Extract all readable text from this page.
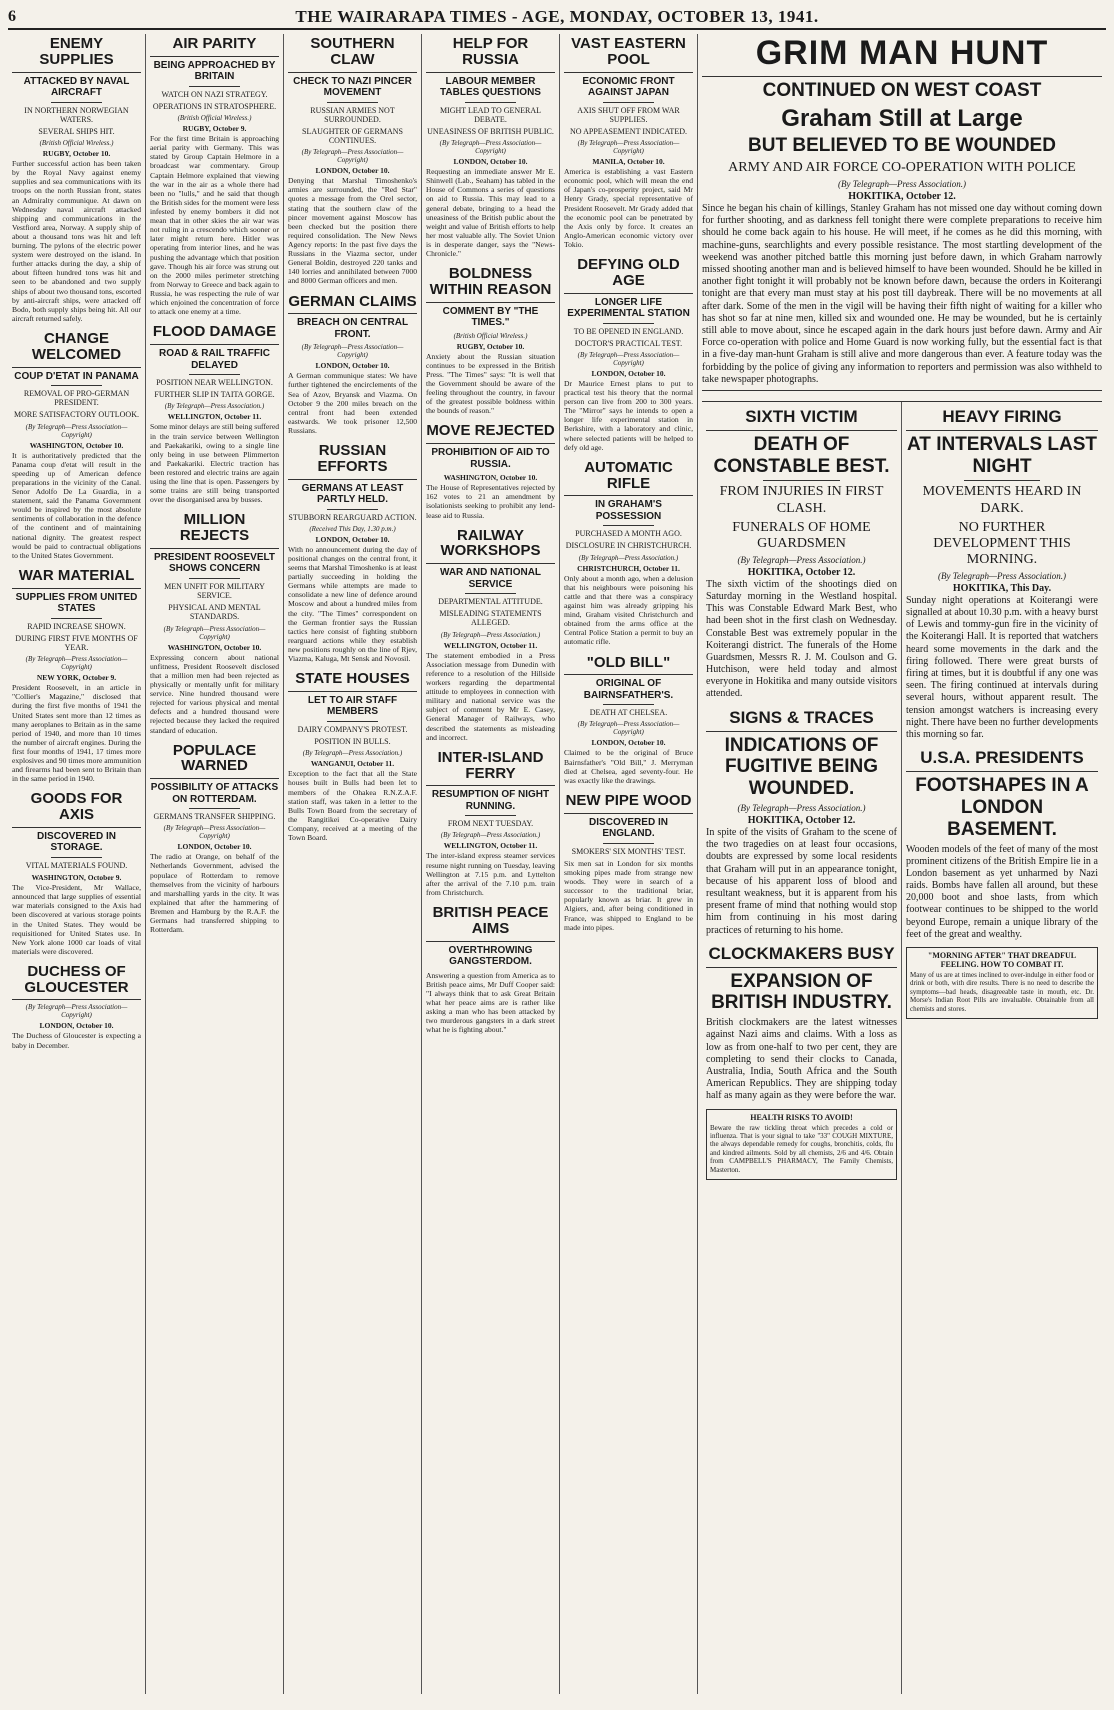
6	THE WAIRARAPA TIMES - AGE, MONDAY, OCTOBER 13, 1941.
ENEMY SUPPLIES
ATTACKED BY NAVAL AIRCRAFT
IN NORTHERN NORWEGIAN WATERS.
SEVERAL SHIPS HIT.
(British Official Wireless.)
RUGBY, October 10.

Further successful action has been taken by the Royal Navy against enemy supplies and sea communications with its troops on the north Russian front, states an Admiralty communique. At dawn on Wednesday naval aircraft attacked shipping and communications in the Vestfiord area, Norway. A supply ship of about a thousand tons was hit and left burning. The pylons of the electric power system were destroyed on the island. In further attacks during the day, a ship of about fifteen hundred tons was hit and seen to be abandoned and two supply ships of about two thousand tons, escorted by anti-aircraft ships, were attacked off Bodo, both supply ships being hit. All our aircraft returned safely.

CHANGE WELCOMED
COUP D'ETAT IN PANAMA
REMOVAL OF PRO-GERMAN PRESIDENT.
MORE SATISFACTORY OUTLOOK.
(By Telegraph—Press Association—Copyright)
WASHINGTON, October 10.

It is authoritatively predicted that the Panama coup d'etat will result in the speeding up of American defence preparations in the vicinity of the Canal. Senor Adolfo De La Guardia, in a statement, said the Panama Government would be inspired by the most absolute sentiments of collaboration in the defence of the continent and of maintaining national dignity. The greatest respect would be paid to contractual obligations to the United States Government.

WAR MATERIAL
SUPPLIES FROM UNITED STATES
RAPID INCREASE SHOWN.
DURING FIRST FIVE MONTHS OF YEAR.
(By Telegraph—Press Association—Copyright)
NEW YORK, October 9.

President Roosevelt, in an article in "Collier's Magazine," disclosed that during the first five months of 1941 the United States sent more than 12 times as many aeroplanes to Britain as in the same period of 1940, and more than 10 times the number of aircraft engines. During the first four months of 1941, 17 times more explosives and 90 times more ammunition and firearms had been sent to Britain than in the same period in 1940.

GOODS FOR AXIS
DISCOVERED IN STORAGE.
VITAL MATERIALS FOUND.
WASHINGTON, October 9.

The Vice-President, Mr Wallace, announced that large supplies of essential war materials consigned to the Axis had been discovered at various storage points in the United States. They would be requisitioned for United States use. In New York alone 1000 car loads of vital materials were discovered.

DUCHESS OF GLOUCESTER
(By Telegraph—Press Association—Copyright)
LONDON, October 10.

The Duchess of Gloucester is expecting a baby in December.

AIR PARITY
BEING APPROACHED BY BRITAIN
WATCH ON NAZI STRATEGY.
OPERATIONS IN STRATOSPHERE.
(British Official Wireless.)
RUGBY, October 9.

For the first time Britain is approaching aerial parity with Germany. This was stated by Group Captain Helmore in a broadcast war commentary. Group Captain Helmore explained that viewing the war in the air as a whole there had been no "lulls," and he said that though the British sides for the moment were less infested by enemy bombers it did not mean that in other skies the air war was not ruling in a crescendo which sooner or later might return here. Hitler was operating from interior lines, and he was pushing the advantage which that position gave. Though his air force was strung out on the 2000 miles perimeter stretching from Norway to Greece and back again to Russia, he was respecting the rule of war which enjoined the concentration of force to attack one enemy at a time.

FLOOD DAMAGE
ROAD & RAIL TRAFFIC DELAYED
POSITION NEAR WELLINGTON.
FURTHER SLIP IN TAITA GORGE.
(By Telegraph—Press Association.)
WELLINGTON, October 11.

Some minor delays are still being suffered in the train service between Wellington and Paekakariki, owing to a single line only being in use between Plimmerton and Paekakariki. Electric traction has been restored and electric trains are again using the line that is open. Passengers by some trains are still being transported over the disorganised area by busses.

MILLION REJECTS
PRESIDENT ROOSEVELT SHOWS CONCERN
MEN UNFIT FOR MILITARY SERVICE.
PHYSICAL AND MENTAL STANDARDS.
(By Telegraph—Press Association—Copyright)
WASHINGTON, October 10.

Expressing concern about national unfitness, President Roosevelt disclosed that a million men had been rejected as physically or mentally unfit for military service. Nine hundred thousand were rejected for various physical and mental defects and a hundred thousand were rejected because they lacked the required standard of education.

POPULACE WARNED
POSSIBILITY OF ATTACKS ON ROTTERDAM.
GERMANS TRANSFER SHIPPING.
(By Telegraph—Press Association—Copyright)
LONDON, October 10.

The radio at Orange, on behalf of the Netherlands Government, advised the populace of Rotterdam to remove themselves from the vicinity of harbours and marshalling yards in the city. It was explained that after the hammering of Bremen and Hamburg by the R.A.F. the Germans had transferred shipping to Rotterdam.

SOUTHERN CLAW
CHECK TO NAZI PINCER MOVEMENT
RUSSIAN ARMIES NOT SURROUNDED.
SLAUGHTER OF GERMANS CONTINUES.
(By Telegraph—Press Association—Copyright)
LONDON, October 10.

Denying that Marshal Timoshenko's armies are surrounded, the "Red Star" quotes a message from the Orel sector, stating that the southern claw of the pincer movement against Moscow has been checked but the position there required consolidation. The New News Agency reports: In the past five days the Russians in the Viazma sector, under General Boldin, destroyed 220 tanks and 140 lorries and annihilated between 7000 and 8000 German officers and men.

GERMAN CLAIMS
BREACH ON CENTRAL FRONT.
(By Telegraph—Press Association—Copyright)
LONDON, October 10.

A German communique states: We have further tightened the encirclements of the Sea of Azov, Bryansk and Viazma. On October 9 the 200 miles breach on the central front had been extended eastwards. We took prisoner 12,500 Russians.

RUSSIAN EFFORTS
GERMANS AT LEAST PARTLY HELD.
STUBBORN REARGUARD ACTION.
(Received This Day, 1.30 p.m.)
LONDON, October 10.

With no announcement during the day of positional changes on the central front, it seems that Marshal Timoshenko is at least partially succeeding in holding the Germans while attempts are made to consolidate a new line of defence around Moscow and about a hundred miles from the city. "The Times" correspondent on the German frontier says the Russian tactics here consist of fighting stubborn rearguard actions while they establish new positions roughly on the line of Rjev, Viazma, Kaluga, Mt Sensk and Novosil.

STATE HOUSES
LET TO AIR STAFF MEMBERS
DAIRY COMPANY'S PROTEST.
POSITION IN BULLS.
(By Telegraph—Press Association.)
WANGANUI, October 11.

Exception to the fact that all the State houses built in Bulls had been let to members of the Ohakea R.N.Z.A.F. station staff, was taken in a letter to the Bulls Town Board from the secretary of the Rangitikei Co-operative Dairy Company, received at a meeting of the Town Board.

HELP FOR RUSSIA
LABOUR MEMBER TABLES QUESTIONS
MIGHT LEAD TO GENERAL DEBATE.
UNEASINESS OF BRITISH PUBLIC.
(By Telegraph—Press Association—Copyright)
LONDON, October 10.

Requesting an immediate answer Mr E. Shinwell (Lab., Seaham) has tabled in the House of Commons a series of questions on aid to Russia. This may lead to a general debate, bringing to a head the uneasiness of the British public about the weight and value of British efforts to help her most valuable ally. The Soviet Union is in desperate danger, says the "News-Chronicle."

BOLDNESS WITHIN REASON
COMMENT BY "THE TIMES."
(British Official Wireless.)
RUGBY, October 10.

Anxiety about the Russian situation continues to be expressed in the British Press. "The Times" says: "It is well that the Government should be aware of the feeling throughout the country, in favour of the greatest possible boldness within the bounds of reason."

MOVE REJECTED
PROHIBITION OF AID TO RUSSIA.
WASHINGTON, October 10.

The House of Representatives rejected by 162 votes to 21 an amendment by isolationists seeking to prohibit any lend-lease aid to Russia.

RAILWAY WORKSHOPS
WAR AND NATIONAL SERVICE
DEPARTMENTAL ATTITUDE.
MISLEADING STATEMENTS ALLEGED.
(By Telegraph—Press Association.)
WELLINGTON, October 11.

The statement embodied in a Press Association message from Dunedin with reference to a resolution of the Hillside workers regarding the departmental attitude to employees in connection with military and national service was the subject of comment by Mr E. Casey, General Manager of Railways, who described the statements as misleading and incorrect.

INTER-ISLAND FERRY
RESUMPTION OF NIGHT RUNNING.
FROM NEXT TUESDAY.
(By Telegraph—Press Association.)
WELLINGTON, October 11.

The inter-island express steamer services resume night running on Tuesday, leaving Wellington at 7.15 p.m. and Lyttelton after the arrival of the 7.10 p.m. train from Christchurch.

BRITISH PEACE AIMS
OVERTHROWING GANGSTERDOM.

Answering a question from America as to British peace aims, Mr Duff Cooper said: "I always think that to ask Great Britain what her peace aims are is rather like asking a man who has been attacked by two murderous gangsters in a dark street what he is fighting about."

VAST EASTERN POOL
ECONOMIC FRONT AGAINST JAPAN
AXIS SHUT OFF FROM WAR SUPPLIES.
NO APPEASEMENT INDICATED.
(By Telegraph—Press Association—Copyright)
MANILA, October 10.

America is establishing a vast Eastern economic pool, which will mean the end of Japan's co-prosperity project, said Mr Henry Grady, special representative of President Roosevelt. Mr Grady added that the economic pool can be penetrated by the Axis only by force. It creates an Anglo-American economic victory over Tokio.

DEFYING OLD AGE
LONGER LIFE EXPERIMENTAL STATION
TO BE OPENED IN ENGLAND.
DOCTOR'S PRACTICAL TEST.
(By Telegraph—Press Association—Copyright)
LONDON, October 10.

Dr Maurice Ernest plans to put to practical test his theory that the normal person can live from 200 to 300 years. The "Mirror" says he intends to open a longer life experimental station in Berkshire, with a laboratory and clinic, where selected patients will be helped to defy old age.

AUTOMATIC RIFLE
IN GRAHAM'S POSSESSION
PURCHASED A MONTH AGO.
DISCLOSURE IN CHRISTCHURCH.
(By Telegraph—Press Association.)
CHRISTCHURCH, October 11.

Only about a month ago, when a delusion that his neighbours were poisoning his cattle and that there was a conspiracy against him was already gripping his mind, Graham visited Christchurch and obtained from the arms office at the Central Police Station a permit to buy an automatic rifle.

"OLD BILL"
ORIGINAL OF BAIRNSFATHER'S.
DEATH AT CHELSEA.
(By Telegraph—Press Association—Copyright)
LONDON, October 10.

Claimed to be the original of Bruce Bairnsfather's "Old Bill," J. Merryman died at Chelsea, aged seventy-four. He was exactly like the drawings.

NEW PIPE WOOD
DISCOVERED IN ENGLAND.
SMOKERS' SIX MONTHS' TEST.

Six men sat in London for six months smoking pipes made from strange new woods. They were in search of a successor to the traditional briar, popularly known as briar. It grew in Algiers, and, after being conditioned in France, was shipped to England to be made into pipes.

GRIM MAN HUNT
CONTINUED ON WEST COAST
Graham Still at Large
BUT BELIEVED TO BE WOUNDED
ARMY AND AIR FORCE CO-OPERATION WITH POLICE
(By Telegraph—Press Association.)
HOKITIKA, October 12.

Since he began his chain of killings, Stanley Graham has not missed one day without coming down for further shooting, and as darkness fell tonight there were complete preparations to receive him should he come back again to his house. He will meet, if he comes as he did this morning, with machine-guns, searchlights and every possible resistance. The most startling development of the weekend was another pitched battle this morning just before dawn, in which Graham narrowly missed shooting another man and is believed himself to have been wounded. Should he be killed in another fight tonight it will probably not be known before dawn, because the orders in Koiterangi tonight are that every man must stay at his post till daybreak. There will be no movements at all after dark. Some of the men in the vigil will be having their fifth night of waiting for a killer who has shot so far at nine men, killed six and wounded one. He may be wounded, but he is certainly still able to move about, since he escaped again in the dark hours just before dawn. Army and Air Force co-operation with police and Home Guard is now working fully, but the essential fact is that in a five-day man-hunt Graham is still alive and more dangerous than ever. A feature today was the forbidding by the police of giving any information to reporters and permission was also withheld to take newspaper photographs.

SIXTH VICTIM
DEATH OF CONSTABLE BEST.
FROM INJURIES IN FIRST CLASH.
FUNERALS OF HOME GUARDSMEN
(By Telegraph—Press Association.)
HOKITIKA, October 12.

The sixth victim of the shootings died on Saturday morning in the Westland hospital. This was Constable Edward Mark Best, who had been shot in the first clash on Wednesday. Constable Best was extremely popular in the Koiterangi district. The funerals of the Home Guardsmen, Messrs R. J. M. Coulson and G. Hutchison, were held today and almost everyone in Hokitika and many outside visitors attended.

SIGNS & TRACES
INDICATIONS OF FUGITIVE BEING WOUNDED.
(By Telegraph—Press Association.)
HOKITIKA, October 12.

In spite of the visits of Graham to the scene of the two tragedies on at least four occasions, doubts are expressed by some local residents that Graham will put in an appearance tonight, because of his apparent loss of blood and resultant weakness, but it is apparent from his present frame of mind that nothing would stop him from continuing in his most daring practices of returning to his home.

CLOCKMAKERS BUSY
EXPANSION OF BRITISH INDUSTRY.

British clockmakers are the latest witnesses against Nazi aims and claims. With a loss as low as from one-half to two per cent, they are completing to send their clocks to Canada, Australia, India, South Africa and the South American Republics. They are shipping today half as many again as they were before the war.

HEALTH RISKS TO AVOID!

Beware the raw tickling throat which precedes a cold or influenza. That is your signal to take "33" COUGH MIXTURE, the always dependable remedy for coughs, bronchitis, colds, flu and kindred ailments. Sold by all chemists, 2/6 and 4/6. Obtain from CAMPBELL'S PHARMACY, The Family Chemists, Masterton.

HEAVY FIRING
AT INTERVALS LAST NIGHT
MOVEMENTS HEARD IN DARK.
NO FURTHER DEVELOPMENT THIS MORNING.
(By Telegraph—Press Association.)
HOKITIKA, This Day.

Sunday night operations at Koiterangi were signalled at about 10.30 p.m. with a heavy burst of Lewis and tommy-gun fire in the vicinity of the Koiterangi Hall. It is reported that watchers heard some movements in the dark and the firing followed. There were great bursts of firing at times, but it is doubtful if any one was seen. The firing continued at intervals during several hours, without apparent result. The tension amongst watchers is increasing every night. There have been no further developments this morning so far.

U.S.A. PRESIDENTS
FOOTSHAPES IN A LONDON BASEMENT.

Wooden models of the feet of many of the most prominent citizens of the British Empire lie in a London basement as yet unharmed by Nazi raids. Bombs have fallen all around, but these 20,000 boot and shoe lasts, from which footwear continues to be shipped to the world beyond Europe, remain a unique library of the feet of the great and wealthy.

"MORNING AFTER" THAT DREADFUL FEELING. HOW TO COMBAT IT.

Many of us are at times inclined to over-indulge in either food or drink or both, with dire results. There is no need to describe the symptoms—bad heads, disagreeable taste in mouth, etc. Dr. Morse's Indian Root Pills are invaluable. Obtainable from all chemists and stores.
